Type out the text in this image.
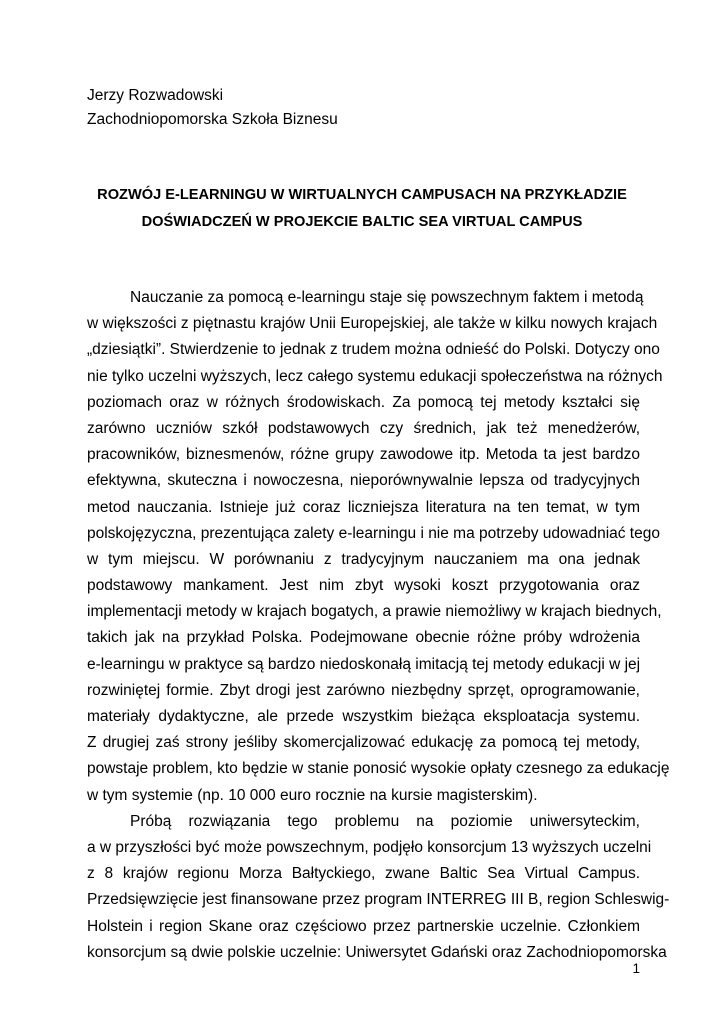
Jerzy Rozwadowski
Zachodniopomorska Szkoła Biznesu
ROZWÓJ E-LEARNINGU W WIRTUALNYCH CAMPUSACH NA PRZYKŁADZIE
DOŚWIADCZEŃ W PROJEKCIE BALTIC SEA VIRTUAL CAMPUS
Nauczanie za pomocą e-learningu staje się powszechnym faktem i metodą
w większości z piętnastu krajów Unii Europejskiej, ale także w kilku nowych krajach
„dziesiątki”. Stwierdzenie to jednak z trudem można odnieść do Polski. Dotyczy ono
nie tylko uczelni wyższych, lecz całego systemu edukacji społeczeństwa na różnych
poziomach oraz w różnych środowiskach. Za pomocą tej metody kształci się
zarówno uczniów szkół podstawowych czy średnich, jak też menedżerów,
pracowników, biznesmenów, różne grupy zawodowe itp. Metoda ta jest bardzo
efektywna, skuteczna i nowoczesna, nieporównywalnie lepsza od tradycyjnych
metod nauczania. Istnieje już coraz liczniejsza literatura na ten temat, w tym
polskojęzyczna, prezentująca zalety e-learningu i nie ma potrzeby udowadniać tego
w tym miejscu. W porównaniu z tradycyjnym nauczaniem ma ona jednak
podstawowy mankament. Jest nim zbyt wysoki koszt przygotowania oraz
implementacji metody w krajach bogatych, a prawie niemożliwy w krajach biednych,
takich jak na przykład Polska. Podejmowane obecnie różne próby wdrożenia
e-learningu w praktyce są bardzo niedoskonałą imitacją tej metody edukacji w jej
rozwiniętej formie. Zbyt drogi jest zarówno niezbędny sprzęt, oprogramowanie,
materiały dydaktyczne, ale przede wszystkim bieżąca eksploatacja systemu.
Z drugiej zaś strony jeśliby skomercjalizować edukację za pomocą tej metody,
powstaje problem, kto będzie w stanie ponosić wysokie opłaty czesnego za edukację
w tym systemie (np. 10 000 euro rocznie na kursie magisterskim).
Próbą rozwiązania tego problemu na poziomie uniwersyteckim,
a w przyszłości być może powszechnym, podjęło konsorcjum 13 wyższych uczelni
z 8 krajów regionu Morza Bałtyckiego, zwane Baltic Sea Virtual Campus.
Przedsięwzięcie jest finansowane przez program INTERREG III B, region Schleswig-
Holstein i region Skane oraz częściowo przez partnerskie uczelnie. Członkiem
konsorcjum są dwie polskie uczelnie: Uniwersytet Gdański oraz Zachodniopomorska
1
